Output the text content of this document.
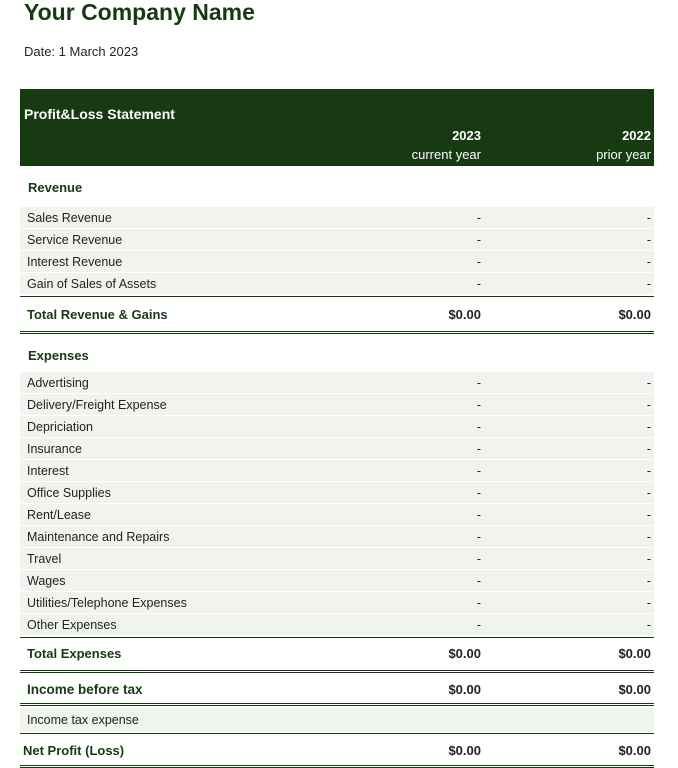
Your Company Name
Date: 1 March 2023
Profit&Loss Statement
2023	2022
current year	prior year
Revenue
Sales Revenue	-	-
Service Revenue	-	-
Interest Revenue	-	-
Gain of Sales of Assets	-	-
Total Revenue & Gains	$0.00	$0.00
Expenses
Advertising	-	-
Delivery/Freight Expense	-	-
Depriciation	-	-
Insurance	-	-
Interest	-	-
Office Supplies	-	-
Rent/Lease	-	-
Maintenance and Repairs	-	-
Travel	-	-
Wages	-	-
Utilities/Telephone Expenses	-	-
Other Expenses	-	-
Total Expenses	$0.00	$0.00
Income before tax	$0.00	$0.00
Income tax expense
Net Profit (Loss)	$0.00	$0.00
